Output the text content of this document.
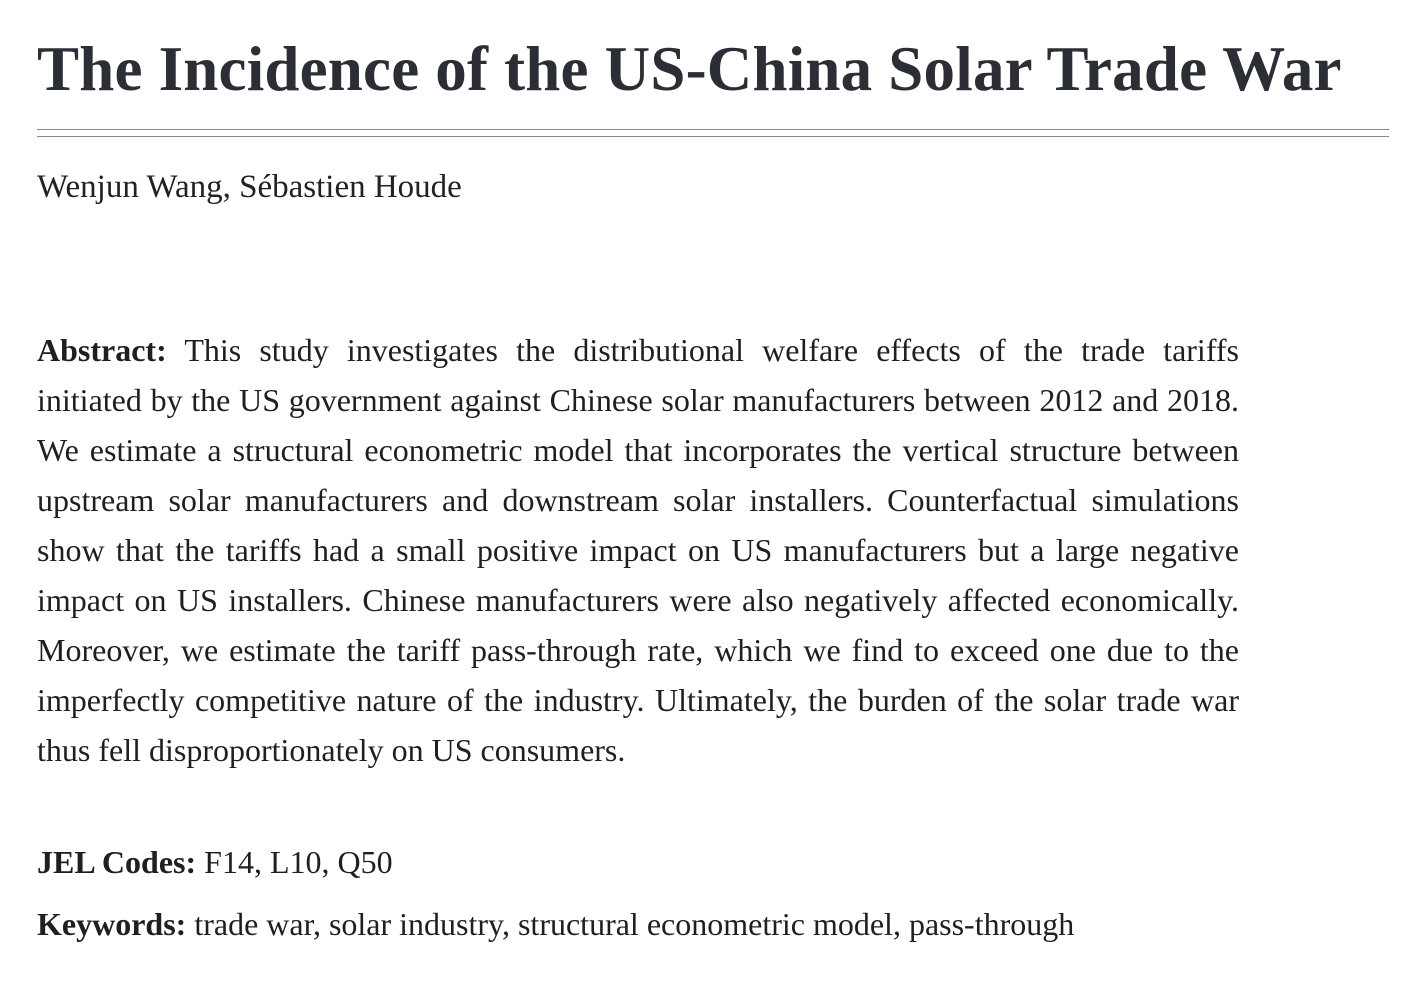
The Incidence of the US-China Solar Trade War
Wenjun Wang, Sébastien Houde

Abstract: This study investigates the distributional welfare effects of the trade tariffs initiated by the US government against Chinese solar manufacturers between 2012 and 2018. We estimate a structural econometric model that incorporates the vertical structure between upstream solar manufacturers and downstream solar installers. Counterfactual simulations show that the tariffs had a small positive impact on US manufacturers but a large negative impact on US installers. Chinese manufacturers were also negatively affected economically. Moreover, we estimate the tariff pass-through rate, which we find to exceed one due to the imperfectly competitive nature of the industry. Ultimately, the burden of the solar trade war thus fell disproportionately on US consumers.

JEL Codes: F14, L10, Q50
Keywords: trade war, solar industry, structural econometric model, pass-through
